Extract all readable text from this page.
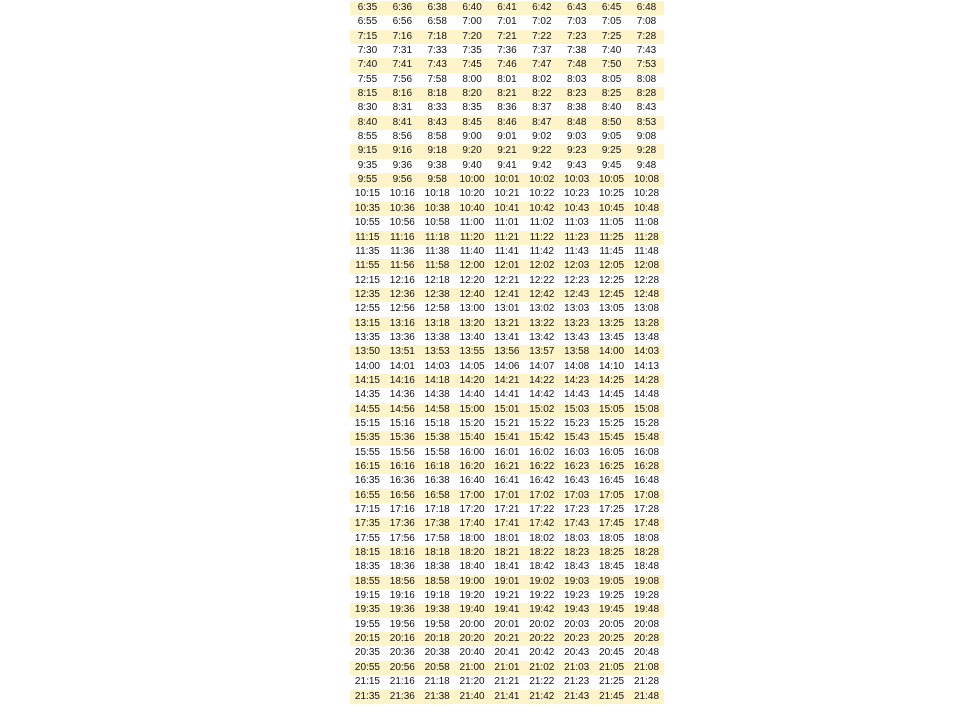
6:35	6:36	6:38	6:40	6:41	6:42	6:43	6:45	6:48
6:55	6:56	6:58	7:00	7:01	7:02	7:03	7:05	7:08
7:15	7:16	7:18	7:20	7:21	7:22	7:23	7:25	7:28
7:30	7:31	7:33	7:35	7:36	7:37	7:38	7:40	7:43
7:40	7:41	7:43	7:45	7:46	7:47	7:48	7:50	7:53
7:55	7:56	7:58	8:00	8:01	8:02	8:03	8:05	8:08
8:15	8:16	8:18	8:20	8:21	8:22	8:23	8:25	8:28
8:30	8:31	8:33	8:35	8:36	8:37	8:38	8:40	8:43
8:40	8:41	8:43	8:45	8:46	8:47	8:48	8:50	8:53
8:55	8:56	8:58	9:00	9:01	9:02	9:03	9:05	9:08
9:15	9:16	9:18	9:20	9:21	9:22	9:23	9:25	9:28
9:35	9:36	9:38	9:40	9:41	9:42	9:43	9:45	9:48
9:55	9:56	9:58	10:00	10:01	10:02	10:03	10:05	10:08
10:15	10:16	10:18	10:20	10:21	10:22	10:23	10:25	10:28
10:35	10:36	10:38	10:40	10:41	10:42	10:43	10:45	10:48
10:55	10:56	10:58	11:00	11:01	11:02	11:03	11:05	11:08
11:15	11:16	11:18	11:20	11:21	11:22	11:23	11:25	11:28
11:35	11:36	11:38	11:40	11:41	11:42	11:43	11:45	11:48
11:55	11:56	11:58	12:00	12:01	12:02	12:03	12:05	12:08
12:15	12:16	12:18	12:20	12:21	12:22	12:23	12:25	12:28
12:35	12:36	12:38	12:40	12:41	12:42	12:43	12:45	12:48
12:55	12:56	12:58	13:00	13:01	13:02	13:03	13:05	13:08
13:15	13:16	13:18	13:20	13:21	13:22	13:23	13:25	13:28
13:35	13:36	13:38	13:40	13:41	13:42	13:43	13:45	13:48
13:50	13:51	13:53	13:55	13:56	13:57	13:58	14:00	14:03
14:00	14:01	14:03	14:05	14:06	14:07	14:08	14:10	14:13
14:15	14:16	14:18	14:20	14:21	14:22	14:23	14:25	14:28
14:35	14:36	14:38	14:40	14:41	14:42	14:43	14:45	14:48
14:55	14:56	14:58	15:00	15:01	15:02	15:03	15:05	15:08
15:15	15:16	15:18	15:20	15:21	15:22	15:23	15:25	15:28
15:35	15:36	15:38	15:40	15:41	15:42	15:43	15:45	15:48
15:55	15:56	15:58	16:00	16:01	16:02	16:03	16:05	16:08
16:15	16:16	16:18	16:20	16:21	16:22	16:23	16:25	16:28
16:35	16:36	16:38	16:40	16:41	16:42	16:43	16:45	16:48
16:55	16:56	16:58	17:00	17:01	17:02	17:03	17:05	17:08
17:15	17:16	17:18	17:20	17:21	17:22	17:23	17:25	17:28
17:35	17:36	17:38	17:40	17:41	17:42	17:43	17:45	17:48
17:55	17:56	17:58	18:00	18:01	18:02	18:03	18:05	18:08
18:15	18:16	18:18	18:20	18:21	18:22	18:23	18:25	18:28
18:35	18:36	18:38	18:40	18:41	18:42	18:43	18:45	18:48
18:55	18:56	18:58	19:00	19:01	19:02	19:03	19:05	19:08
19:15	19:16	19:18	19:20	19:21	19:22	19:23	19:25	19:28
19:35	19:36	19:38	19:40	19:41	19:42	19:43	19:45	19:48
19:55	19:56	19:58	20:00	20:01	20:02	20:03	20:05	20:08
20:15	20:16	20:18	20:20	20:21	20:22	20:23	20:25	20:28
20:35	20:36	20:38	20:40	20:41	20:42	20:43	20:45	20:48
20:55	20:56	20:58	21:00	21:01	21:02	21:03	21:05	21:08
21:15	21:16	21:18	21:20	21:21	21:22	21:23	21:25	21:28
21:35	21:36	21:38	21:40	21:41	21:42	21:43	21:45	21:48
